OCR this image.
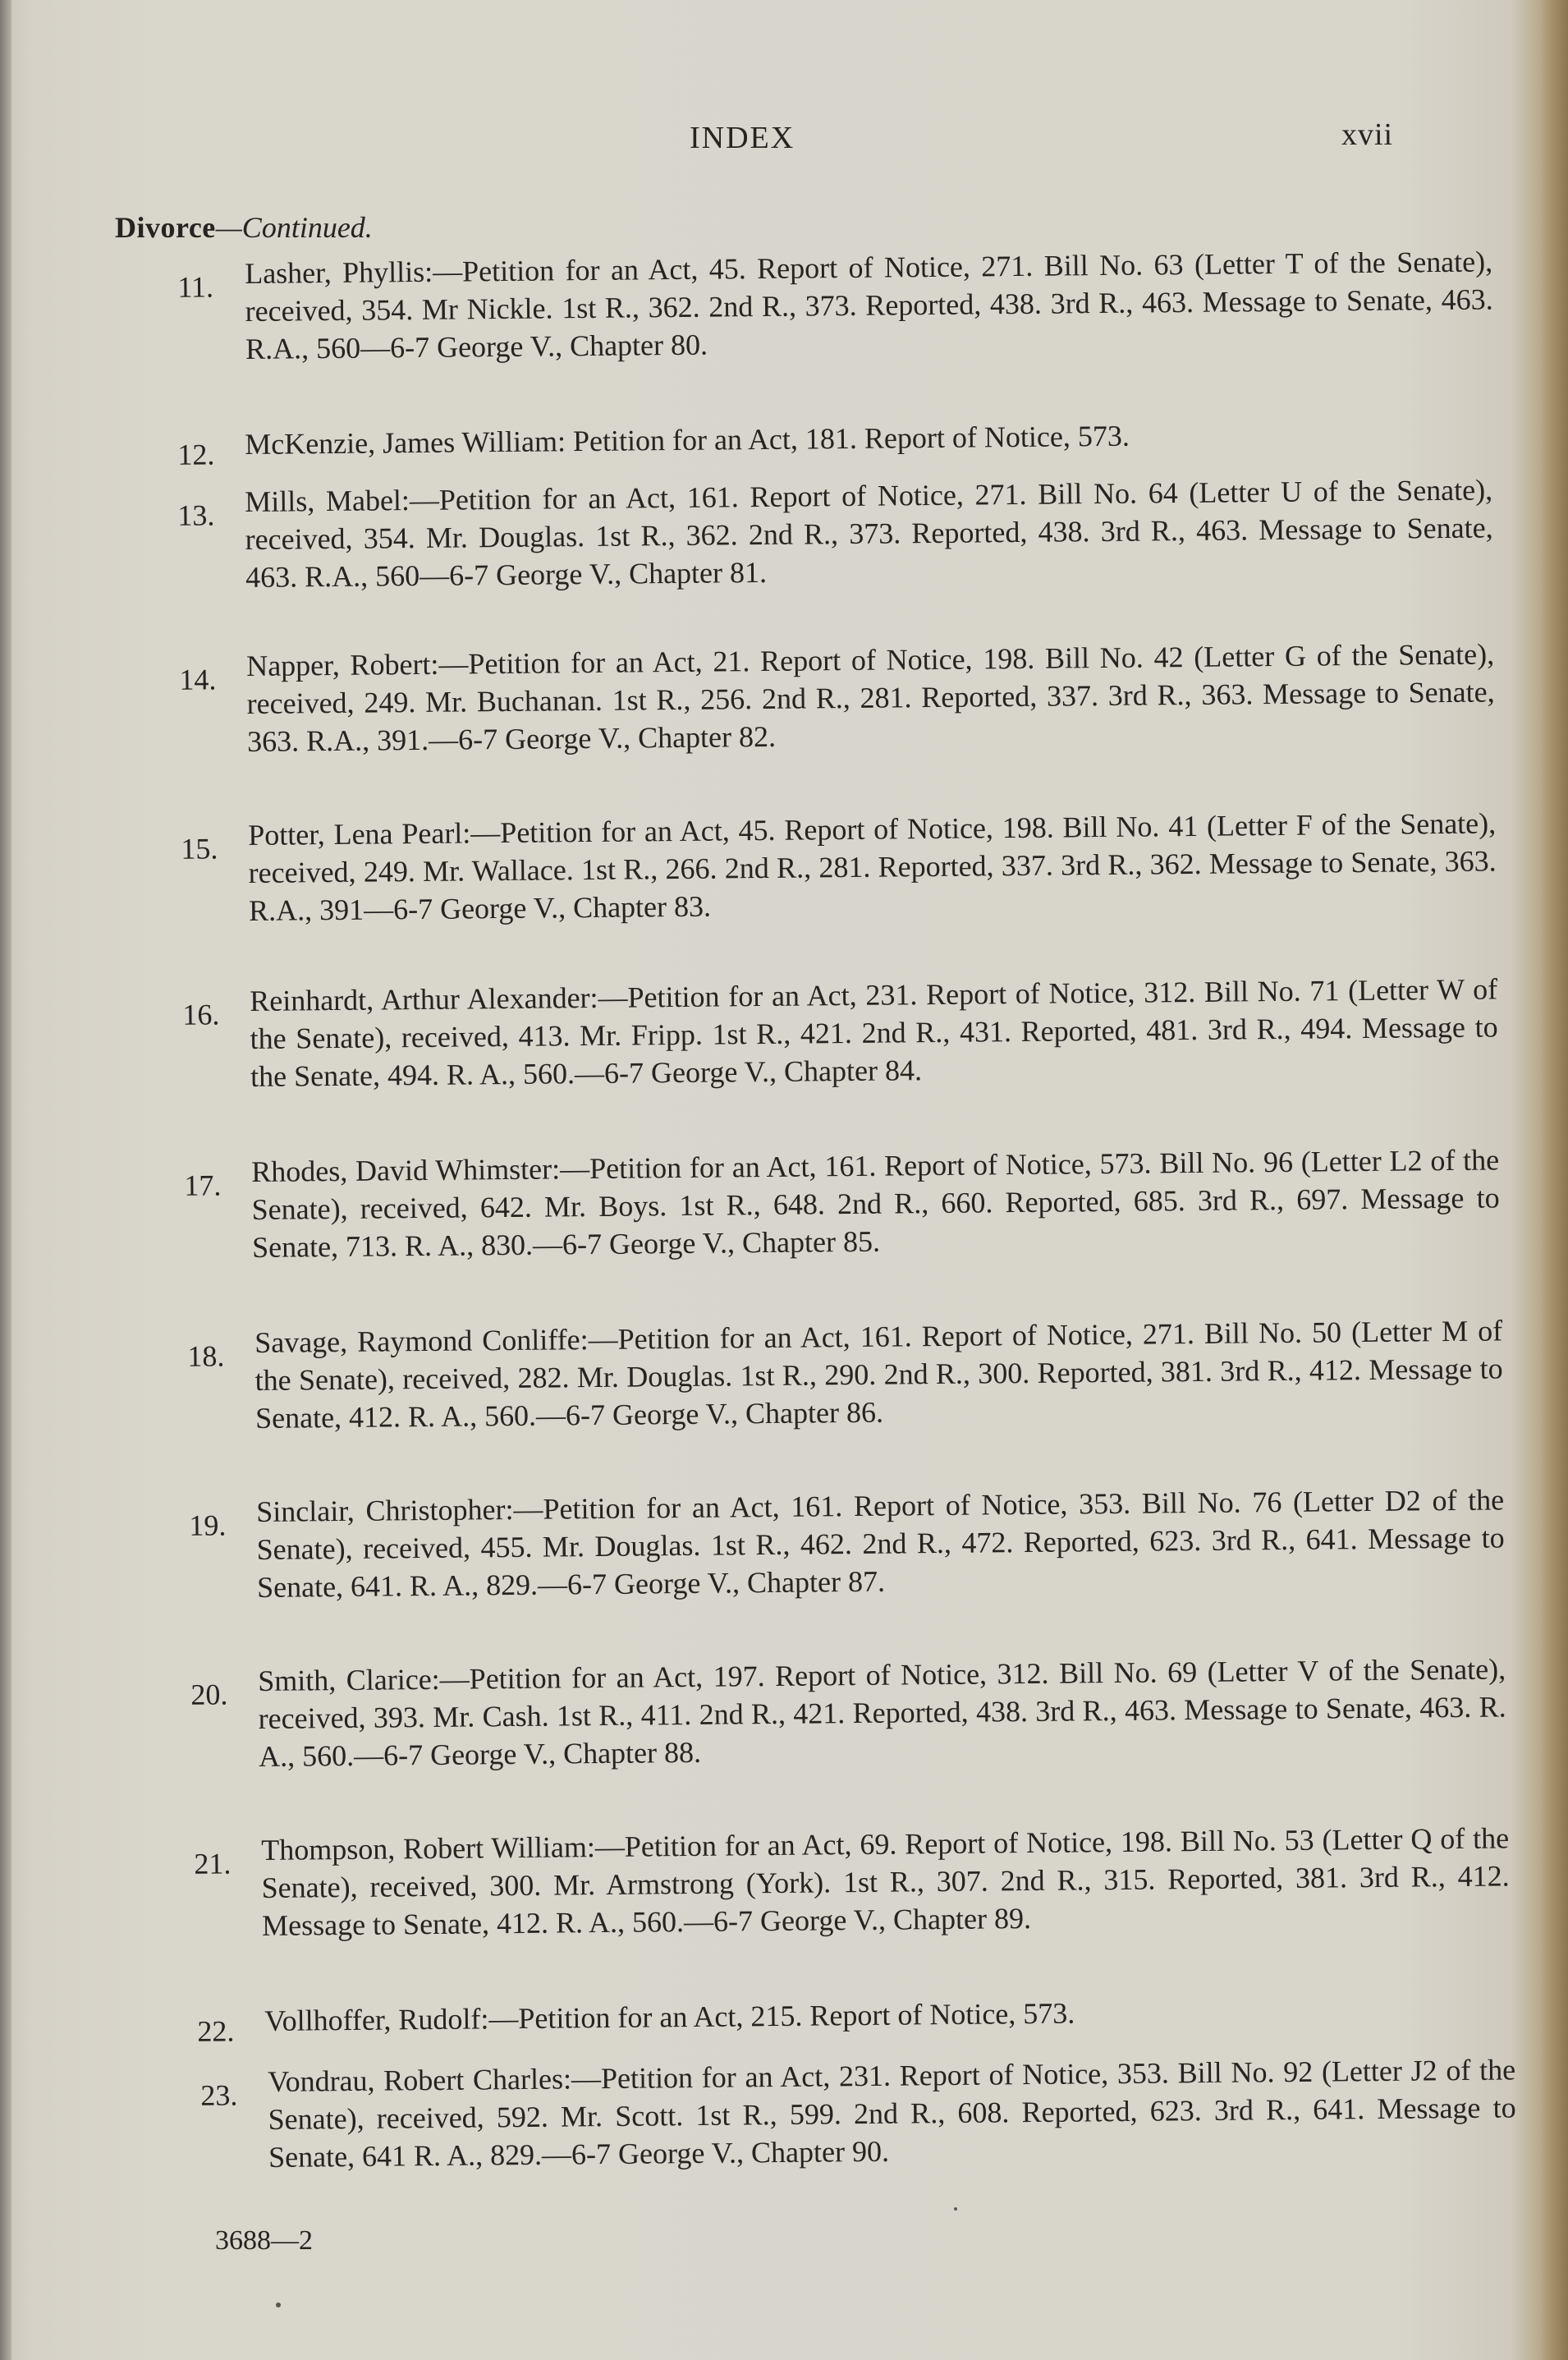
INDEX	xvii
Divorce—Continued.
11.	Lasher, Phyllis:—Petition for an Act, 45. Report of Notice, 271. Bill No. 63 (Letter T of the Senate), received, 354. Mr Nickle. 1st R., 362. 2nd R., 373. Reported, 438. 3rd R., 463. Message to Senate, 463. R.A., 560—6-7 George V., Chapter 80.
12.	McKenzie, James William: Petition for an Act, 181. Report of Notice, 573.
13.	Mills, Mabel:—Petition for an Act, 161. Report of Notice, 271. Bill No. 64 (Letter U of the Senate), received, 354. Mr. Douglas. 1st R., 362. 2nd R., 373. Reported, 438. 3rd R., 463. Message to Senate, 463. R.A., 560—6-7 George V., Chapter 81.
14.	Napper, Robert:—Petition for an Act, 21. Report of Notice, 198. Bill No. 42 (Letter G of the Senate), received, 249. Mr. Buchanan. 1st R., 256. 2nd R., 281. Reported, 337. 3rd R., 363. Message to Senate, 363. R.A., 391.—6-7 George V., Chapter 82.
15.	Potter, Lena Pearl:—Petition for an Act, 45. Report of Notice, 198. Bill No. 41 (Letter F of the Senate), received, 249. Mr. Wallace. 1st R., 266. 2nd R., 281. Reported, 337. 3rd R., 362. Message to Senate, 363. R.A., 391—6-7 George V., Chapter 83.
16.	Reinhardt, Arthur Alexander:—Petition for an Act, 231. Report of Notice, 312. Bill No. 71 (Letter W of the Senate), received, 413. Mr. Fripp. 1st R., 421. 2nd R., 431. Reported, 481. 3rd R., 494. Message to the Senate, 494. R. A., 560.—6-7 George V., Chapter 84.
17.	Rhodes, David Whimster:—Petition for an Act, 161. Report of Notice, 573. Bill No. 96 (Letter L2 of the Senate), received, 642. Mr. Boys. 1st R., 648. 2nd R., 660. Reported, 685. 3rd R., 697. Message to Senate, 713. R. A., 830.—6-7 George V., Chapter 85.
18.	Savage, Raymond Conliffe:—Petition for an Act, 161. Report of Notice, 271. Bill No. 50 (Letter M of the Senate), received, 282. Mr. Douglas. 1st R., 290. 2nd R., 300. Reported, 381. 3rd R., 412. Message to Senate, 412. R. A., 560.—6-7 George V., Chapter 86.
19.	Sinclair, Christopher:—Petition for an Act, 161. Report of Notice, 353. Bill No. 76 (Letter D2 of the Senate), received, 455. Mr. Douglas. 1st R., 462. 2nd R., 472. Reported, 623. 3rd R., 641. Message to Senate, 641. R. A., 829.—6-7 George V., Chapter 87.
20.	Smith, Clarice:—Petition for an Act, 197. Report of Notice, 312. Bill No. 69 (Letter V of the Senate), received, 393. Mr. Cash. 1st R., 411. 2nd R., 421. Reported, 438. 3rd R., 463. Message to Senate, 463. R. A., 560.—6-7 George V., Chapter 88.
21.	Thompson, Robert William:—Petition for an Act, 69. Report of Notice, 198. Bill No. 53 (Letter Q of the Senate), received, 300. Mr. Armstrong (York). 1st R., 307. 2nd R., 315. Reported, 381. 3rd R., 412. Message to Senate, 412. R. A., 560.—6-7 George V., Chapter 89.
22.	Vollhoffer, Rudolf:—Petition for an Act, 215. Report of Notice, 573.
23.	Vondrau, Robert Charles:—Petition for an Act, 231. Report of Notice, 353. Bill No. 92 (Letter J2 of the Senate), received, 592. Mr. Scott. 1st R., 599. 2nd R., 608. Reported, 623. 3rd R., 641. Message to Senate, 641 R. A., 829.—6-7 George V., Chapter 90.
3688—2
